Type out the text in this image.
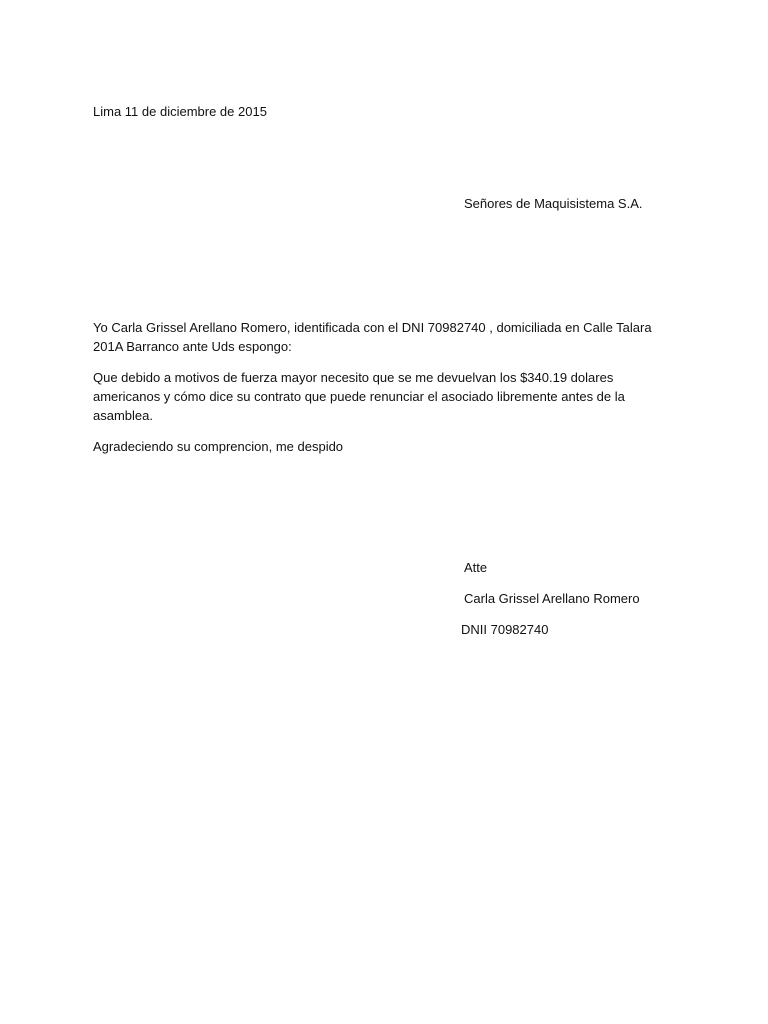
Lima 11 de diciembre de 2015
Señores de Maquisistema S.A.

Yo Carla Grissel Arellano Romero, identificada con el DNI 70982740 , domiciliada en Calle Talara 201A Barranco ante Uds espongo:

Que debido a motivos de fuerza mayor necesito que se me devuelvan los $340.19 dolares americanos y cómo dice su contrato que puede renunciar el asociado libremente antes de la asamblea.

Agradeciendo su comprencion, me despido

Atte
Carla Grissel Arellano Romero
DNII 70982740
